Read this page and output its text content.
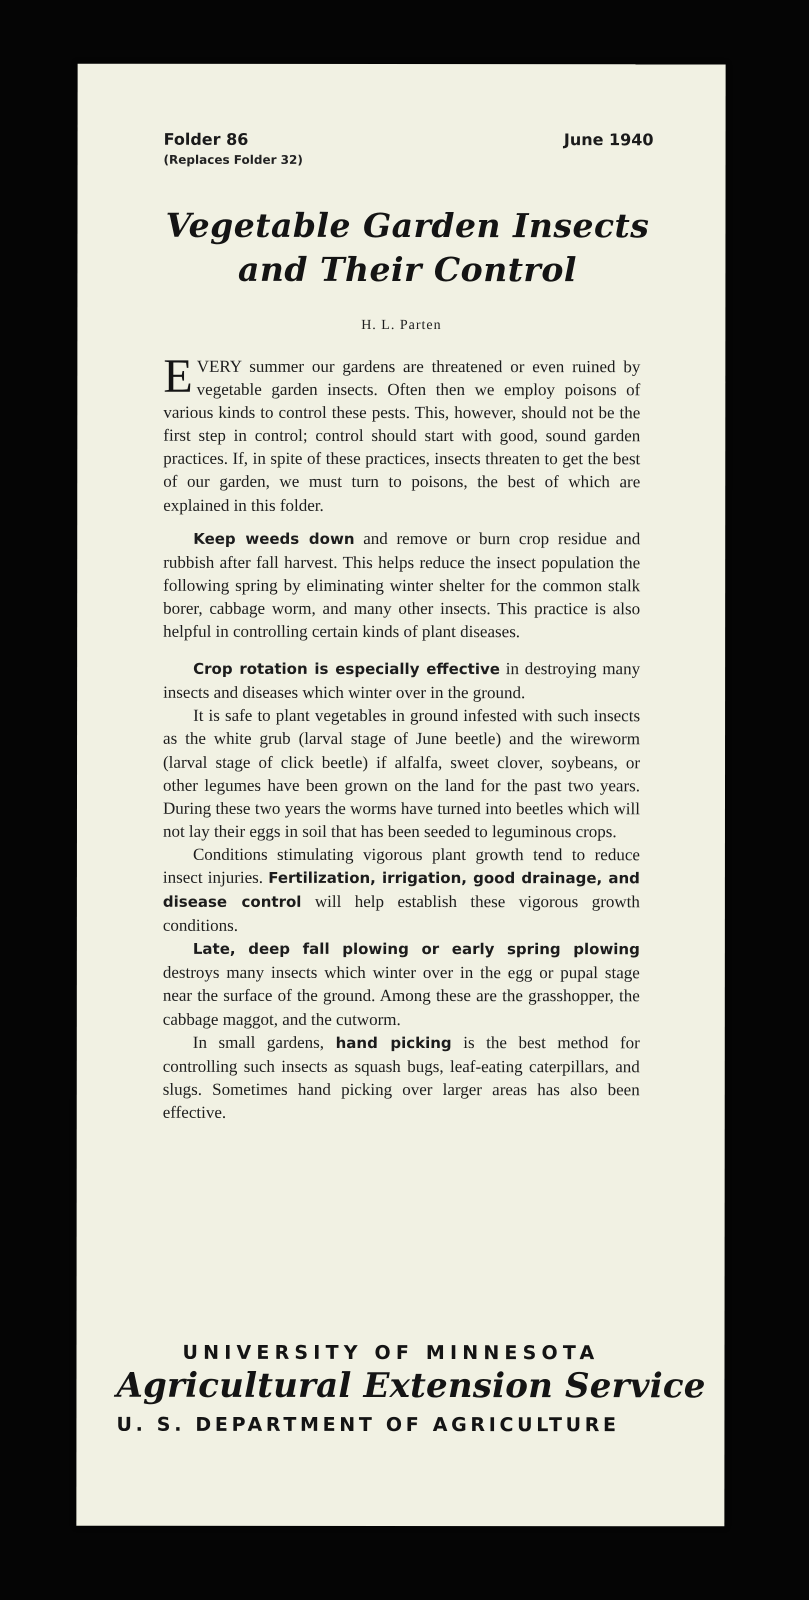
Folder 86
(Replaces Folder 32)
June 1940
Vegetable Garden Insects
and Their Control
H. L. Parten

EVERY summer our gardens are threatened or even ruined by vegetable garden insects. Often then we employ poisons of various kinds to control these pests. This, however, should not be the first step in control; control should start with good, sound garden practices. If, in spite of these practices, insects threaten to get the best of our garden, we must turn to poisons, the best of which are explained in this folder.

Keep weeds down and remove or burn crop residue and rubbish after fall harvest. This helps reduce the insect population the following spring by eliminating winter shelter for the common stalk borer, cabbage worm, and many other insects. This practice is also helpful in controlling certain kinds of plant diseases.

Crop rotation is especially effective in destroying many insects and diseases which winter over in the ground.

It is safe to plant vegetables in ground infested with such insects as the white grub (larval stage of June beetle) and the wireworm (larval stage of click beetle) if alfalfa, sweet clover, soybeans, or other legumes have been grown on the land for the past two years. During these two years the worms have turned into beetles which will not lay their eggs in soil that has been seeded to leguminous crops.

Conditions stimulating vigorous plant growth tend to reduce insect injuries. Fertilization, irrigation, good drainage, and disease control will help establish these vigorous growth conditions.

Late, deep fall plowing or early spring plowing destroys many insects which winter over in the egg or pupal stage near the surface of the ground. Among these are the grasshopper, the cabbage maggot, and the cutworm.

In small gardens, hand picking is the best method for controlling such insects as squash bugs, leaf-eating caterpillars, and slugs. Sometimes hand picking over larger areas has also been effective.

UNIVERSITY OF MINNESOTA
Agricultural Extension Service
U. S. DEPARTMENT OF AGRICULTURE
